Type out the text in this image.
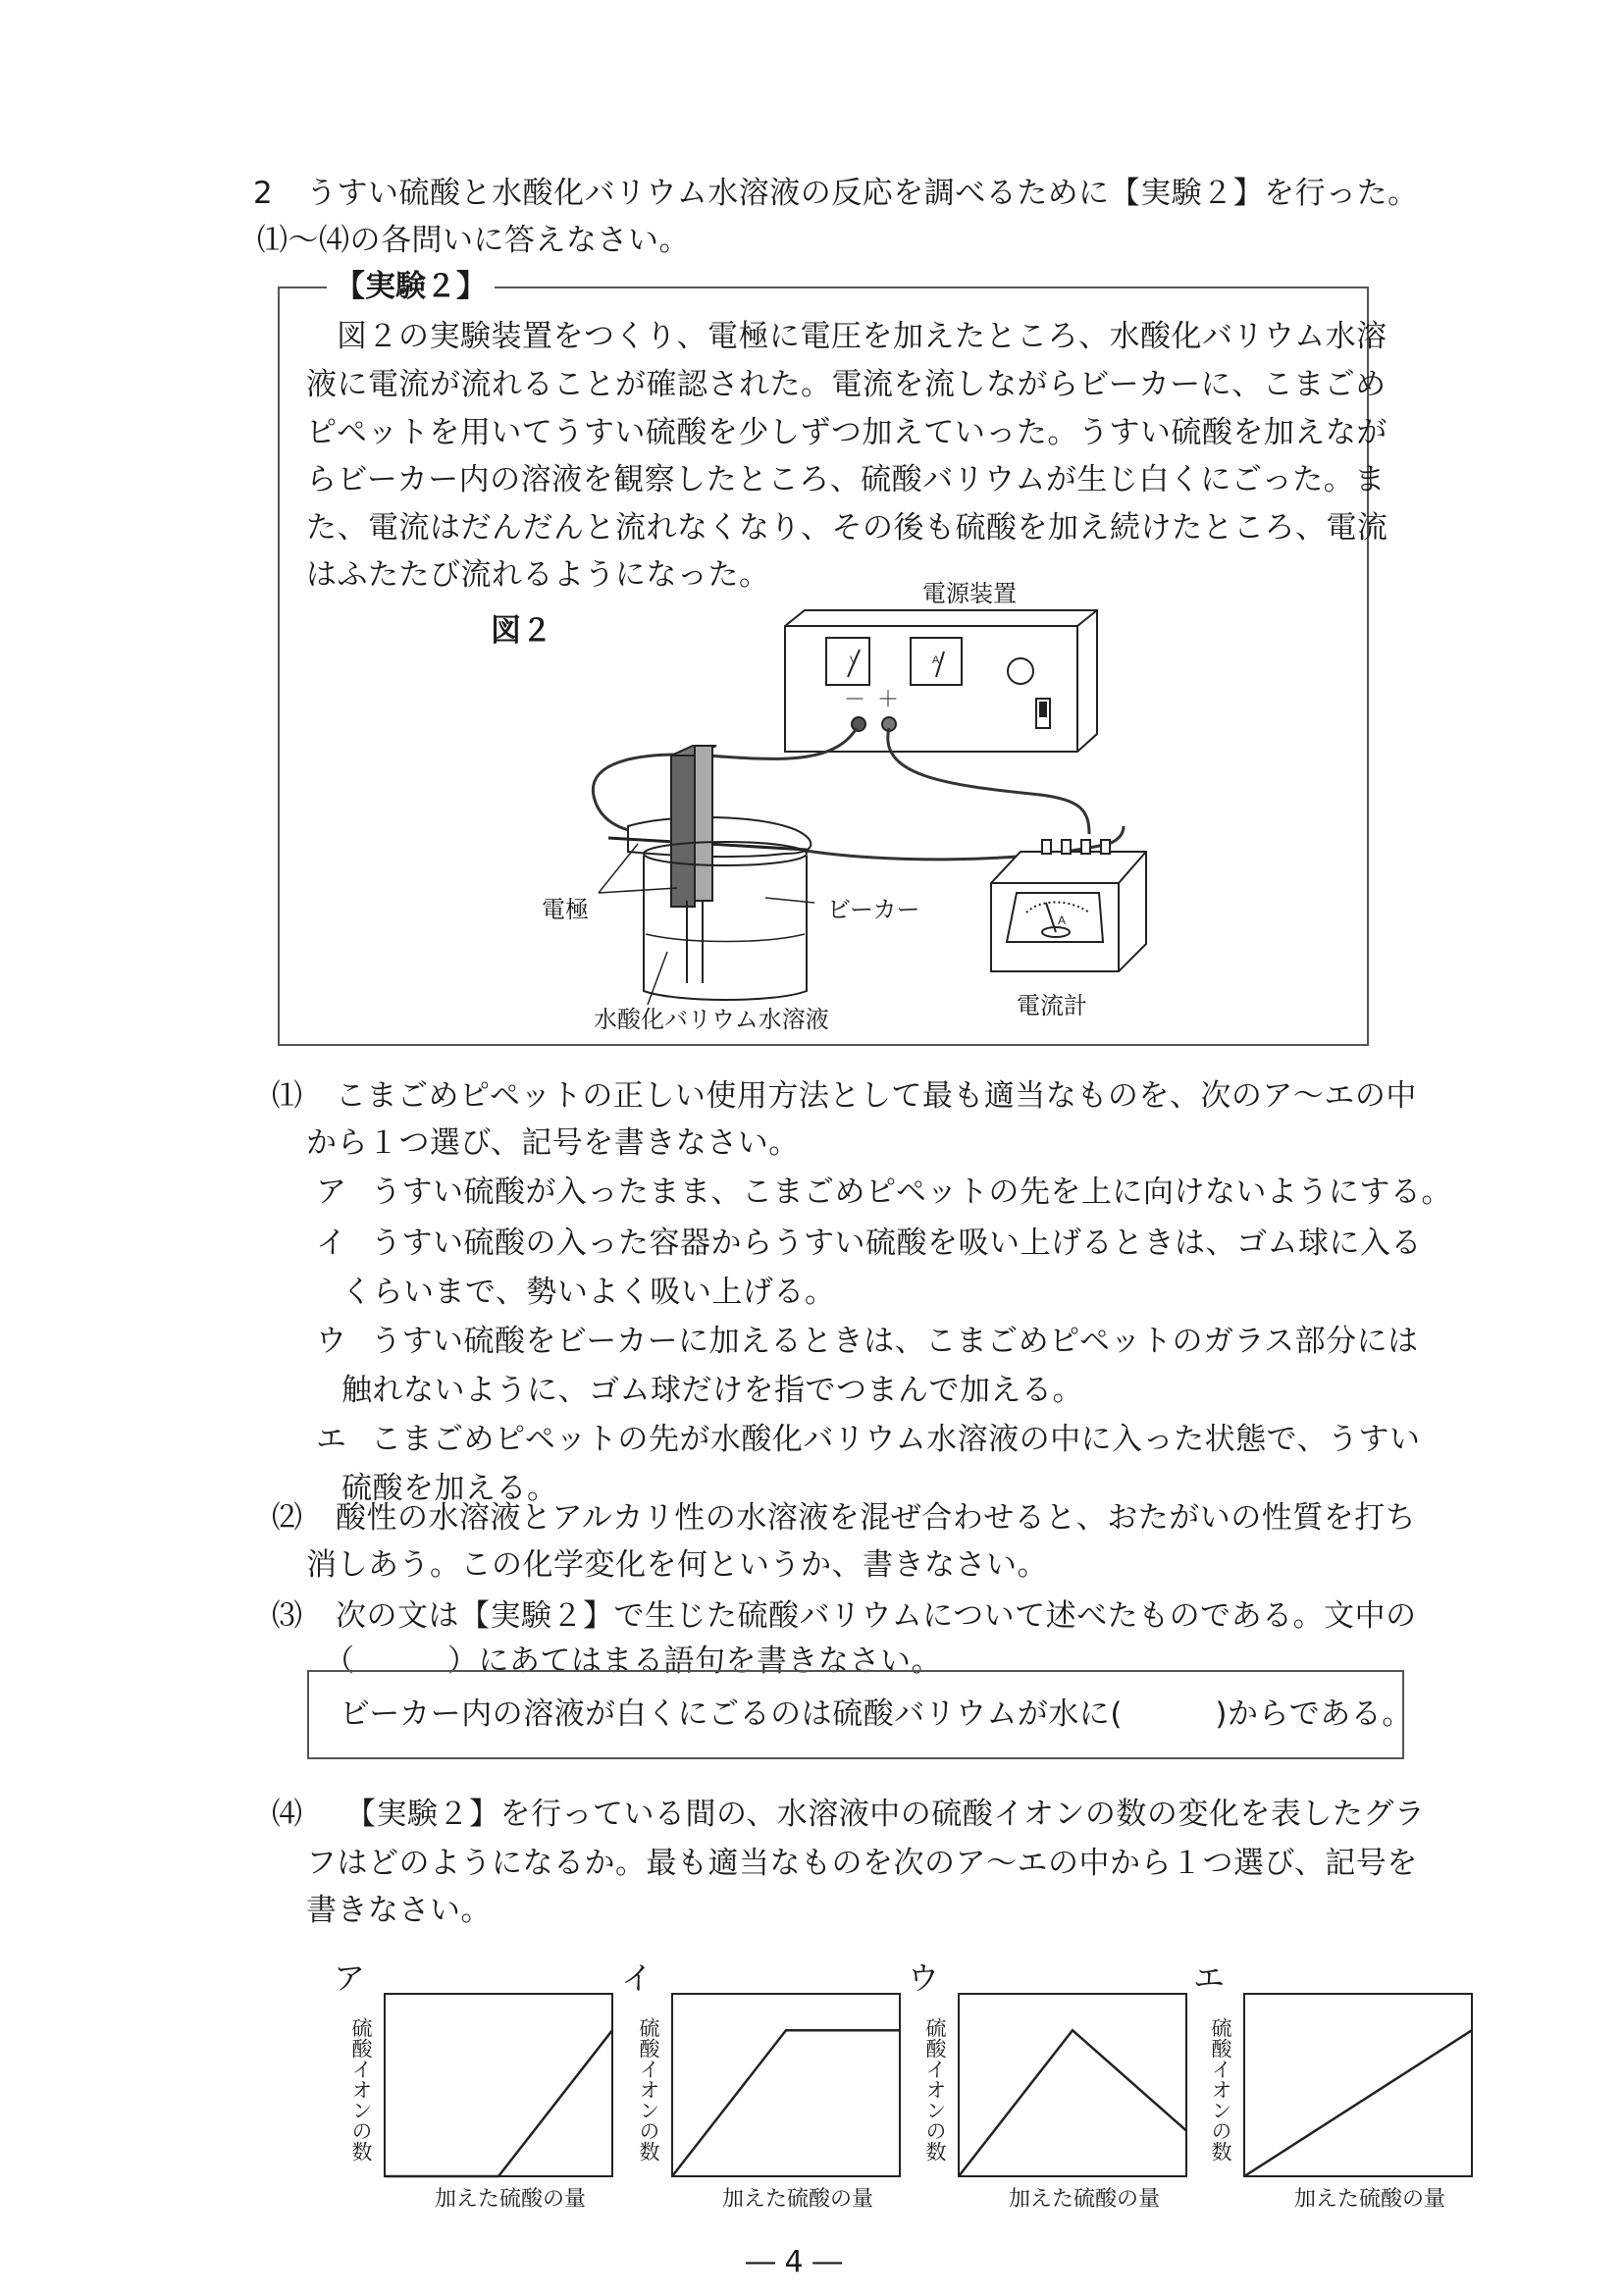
2 うすい硫酸と水酸化バリウム水溶液の反応を調べるために【実験２】を行った。
⑴～⑷の各問いに答えなさい。
【実験２】
図２の実験装置をつくり、電極に電圧を加えたところ、水酸化バリウム水溶
液に電流が流れることが確認された。電流を流しながらビーカーに、こまごめ
ピペットを用いてうすい硫酸を少しずつ加えていった。うすい硫酸を加えなが
らビーカー内の溶液を観察したところ、硫酸バリウムが生じ白くにごった。ま
た、電流はだんだんと流れなくなり、その後も硫酸を加え続けたところ、電流
はふたたび流れるようになった。
図２
電源装置
電極	ビーカー
水酸化バリウム水溶液	電流計
V	A
－ ＋
A
⑴ こまごめピペットの正しい使用方法として最も適当なものを、次のア～エの中
から１つ選び、記号を書きなさい。
ア うすい硫酸が入ったまま、こまごめピペットの先を上に向けないようにする。
イ うすい硫酸の入った容器からうすい硫酸を吸い上げるときは、ゴム球に入る
くらいまで、勢いよく吸い上げる。
ウ うすい硫酸をビーカーに加えるときは、こまごめピペットのガラス部分には
触れないように、ゴム球だけを指でつまんで加える。
エ こまごめピペットの先が水酸化バリウム水溶液の中に入った状態で、うすい
硫酸を加える。
⑵ 酸性の水溶液とアルカリ性の水溶液を混ぜ合わせると、おたがいの性質を打ち
消しあう。この化学変化を何というか、書きなさい。
⑶ 次の文は【実験２】で生じた硫酸バリウムについて述べたものである。文中の
（　　　）にあてはまる語句を書きなさい。
ビーカー内の溶液が白くにごるのは硫酸バリウムが水に(　　　)からである。
⑷ 【実験２】を行っている間の、水溶液中の硫酸イオンの数の変化を表したグラ
フはどのようになるか。最も適当なものを次のア～エの中から１つ選び、記号を
書きなさい。
ア
硫酸イオンの数
加えた硫酸の量
イ
硫酸イオンの数
加えた硫酸の量
ウ
硫酸イオンの数
加えた硫酸の量
エ
硫酸イオンの数
加えた硫酸の量
― 4 ―
